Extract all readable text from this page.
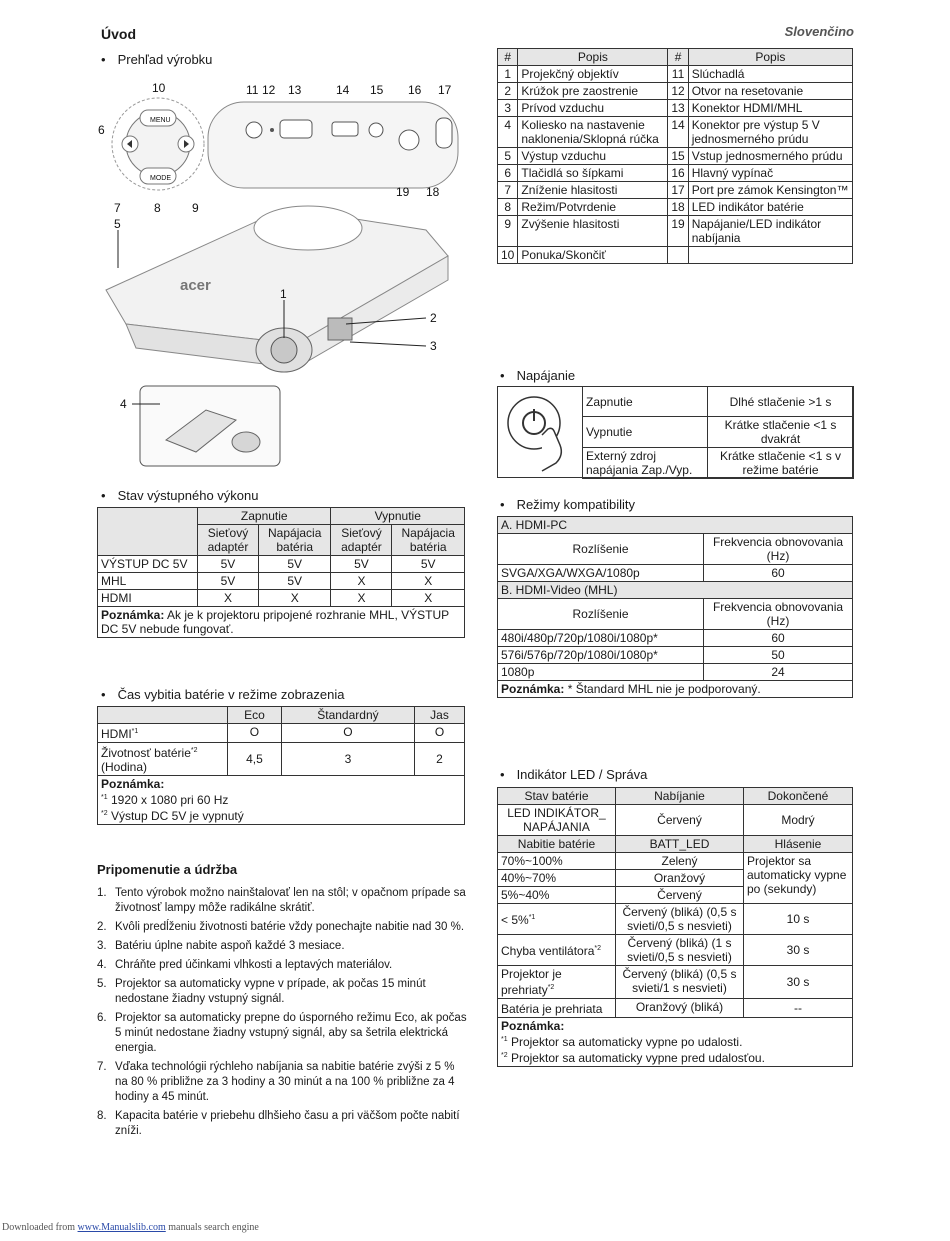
Úvod	Slovenčino
• Prehľad výrobku
MENU
MODE
acer	1
2
3
4
5
6
7	8	9
10	11 12 13	14 15 16 17
18
19
#	Popis	#	Popis
1	Projekčný objektív	11	Slúchadlá
2	Krúžok pre zaostrenie	12	Otvor na resetovanie
3	Prívod vzduchu	13	Konektor HDMI/MHL
4	Koliesko na nastavenie naklonenia/Sklopná rúčka	14	Konektor pre výstup 5 V jednosmerného prúdu
5	Výstup vzduchu	15	Vstup jednosmerného prúdu
6	Tlačidlá so šípkami	16	Hlavný vypínač
7	Zníženie hlasitosti	17	Port pre zámok Kensington™
8	Režim/Potvrdenie	18	LED indikátor batérie
9	Zvýšenie hlasitosti	19	Napájanie/LED indikátor nabíjania
10	Ponuka/Skončiť		
• Napájanie
Zapnutie	Dlhé stlačenie >1 s
Vypnutie	Krátke stlačenie <1 s dvakrát
Externý zdroj napájania Zap./Vyp.	Krátke stlačenie <1 s v režime batérie
• Stav výstupného výkonu
	Zapnutie		Vypnutie	
	Sieťový adaptér	Napájacia batéria	Sieťový adaptér	Napájacia batéria
VÝSTUP DC 5V	5V	5V	5V	5V
MHL	5V	5V	X	X
HDMI	X	X	X	X
Poznámka: Ak je k projektoru pripojené rozhranie MHL, VÝSTUP DC 5V nebude fungovať.				
• Čas vybitia batérie v režime zobrazenia
	Eco	Štandardný	Jas
HDMI$^{*1}$	O	O	O
Životnosť batérie$^{*2}$
(Hodina)	4,5	3	2
Poznámka:
$^{*1}$ 1920 x 1080 pri 60 Hz
$^{*2}$ Výstup DC 5V je vypnutý			
Pripomenutie a údržba
1. Tento výrobok možno nainštalovať len na stôl; v opačnom prípade sa životnosť lampy môže radikálne skrátiť.
2. Kvôli predĺženiu životnosti batérie vždy ponechajte nabitie nad 30 %.
3. Batériu úplne nabite aspoň každé 3 mesiace.
4. Chráňte pred účinkami vlhkosti a leptavých materiálov.
5. Projektor sa automaticky vypne v prípade, ak počas 15 minút nedostane žiadny vstupný signál.
6. Projektor sa automaticky prepne do úsporného režimu Eco, ak počas 5 minút nedostane žiadny vstupný signál, aby sa šetrila elektrická energia.
7. Vďaka technológii rýchleho nabíjania sa nabitie batérie zvýši z 5 % na 80 % približne za 3 hodiny a 30 minút a na 100 % približne za 4 hodiny a 45 minút.
8. Kapacita batérie v priebehu dlhšieho času a pri väčšom počte nabití zníži.
• Režimy kompatibility
A. HDMI-PC	
Rozlíšenie	Frekvencia obnovovania (Hz)
SVGA/XGA/WXGA/1080p	60
B. HDMI-Video (MHL)	
Rozlíšenie	Frekvencia obnovovania (Hz)
480i/480p/720p/1080i/1080p*	60
576i/576p/720p/1080i/1080p*	50
1080p	24
Poznámka: * Štandard MHL nie je podporovaný.	
• Indikátor LED / Správa
Stav batérie	Nabíjanie	Dokončené
LED INDIKÁTOR_ NAPÁJANIA	Červený	Modrý
Nabitie batérie	BATT_LED	Hlásenie
70%~100%	Zelený	Projektor sa automaticky vypne po (sekundy)
40%~70%	Oranžový	
5%~40%	Červený	
< 5%$^{*1}$	Červený (bliká) (0,5 s svieti/0,5 s nesvieti)	10 s
Chyba ventilátora$^{*2}$	Červený (bliká) (1 s svieti/0,5 s nesvieti)	30 s
Projektor je prehriaty$^{*2}$	Červený (bliká) (0,5 s svieti/1 s nesvieti)	30 s
Batéria je prehriata	Oranžový (bliká)	--
Poznámka:
$^{*1}$ Projektor sa automaticky vypne po udalosti.
$^{*2}$ Projektor sa automaticky vypne pred udalosťou.		
Downloaded from www.Manualslib.com manuals search engine
